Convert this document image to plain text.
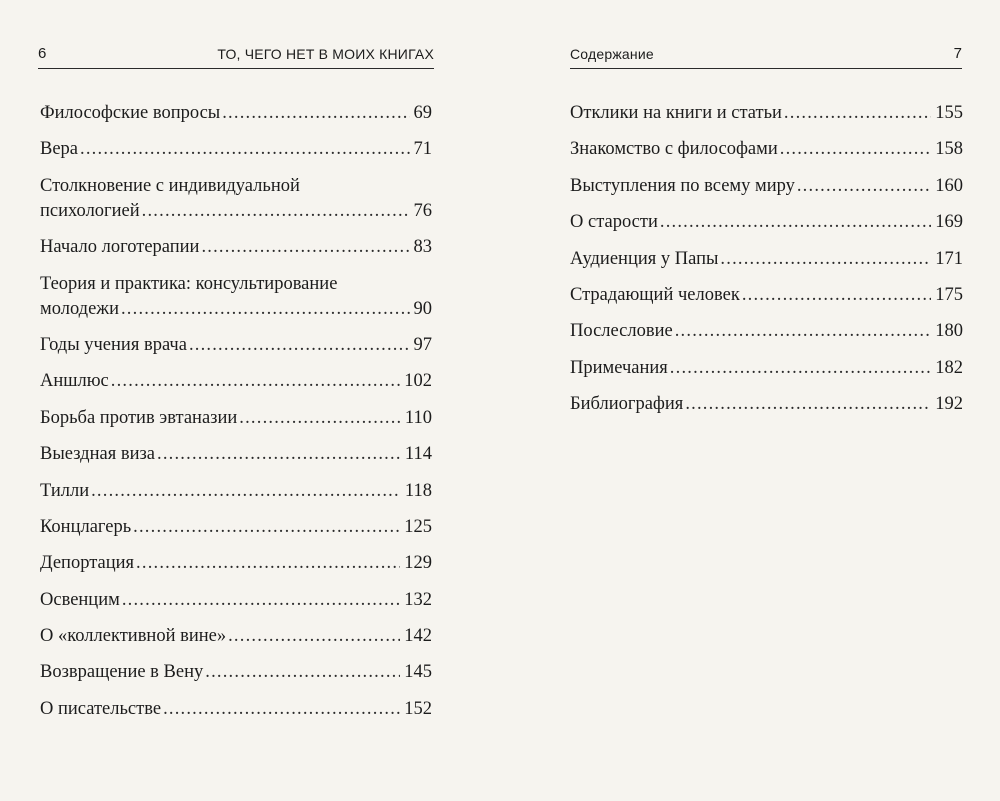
6	ТО, ЧЕГО НЕТ В МОИХ КНИГАХ
Философские вопросы .....	69
Вера .....	71
Столкновение с индивидуальной
психологией .....	76
Начало логотерапии .....	83
Теория и практика: консультирование
молодежи .....	90
Годы учения врача .....	97
Аншлюс .....	102
Борьба против эвтаназии .....	110
Выездная виза .....	114
Тилли .....	118
Концлагерь .....	125
Депортация .....	129
Освенцим .....	132
О «коллективной вине» .....	142
Возвращение в Вену .....	145
О писательстве .....	152
Содержание	7
Отклики на книги и статьи .....	155
Знакомство с философами .....	158
Выступления по всему миру .....	160
О старости .....	169
Аудиенция у Папы .....	171
Страдающий человек .....	175
Послесловие .....	180
Примечания .....	182
Библиография .....	192
